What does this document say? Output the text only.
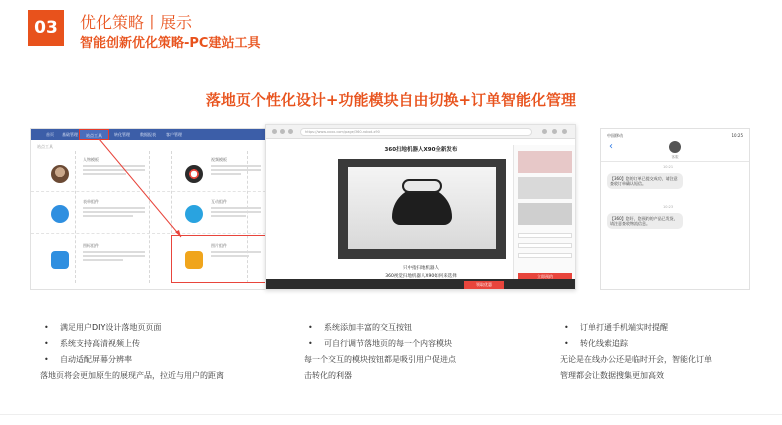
03	优化策略丨展示
智能创新优化策略-PC建站工具
落地页个性化设计+功能模块自由切换+订单智能化管理
首页	基础管理	站点工具	转化管理	数据报表	客户管理
站点工具
人物模板	视频模板
表单组件	互动组件
图标组件	图片组件
https://www.xxxx.com/page/360-robot-x90
360扫地机器人X90全新发布
只中指扫地机器人
360视觉扫地机器人X90如何来选择	立即预约
领取优惠
中国移动	10:25
‹
客服
10:21
【360】您的订单已提交成功，请注意查收订单确认短信。
10:23
【360】您好，您预约的产品已发货，请注意查收物流信息。
• 满足用户DIY设计落地页页面
• 系统支持高清视频上传
• 自动适配屏幕分辨率
落地页将会更加原生的展现产品，拉近与用户的距离
• 系统添加丰富的交互按钮
• 可自行调节落地页的每一个内容模块
每一个交互的模块按钮都是吸引用户促进点
击转化的利器
• 订单打通手机端实时提醒
• 转化线索追踪
无论是在线办公还是临时开会，智能化订单
管理都会让数据搜集更加高效
